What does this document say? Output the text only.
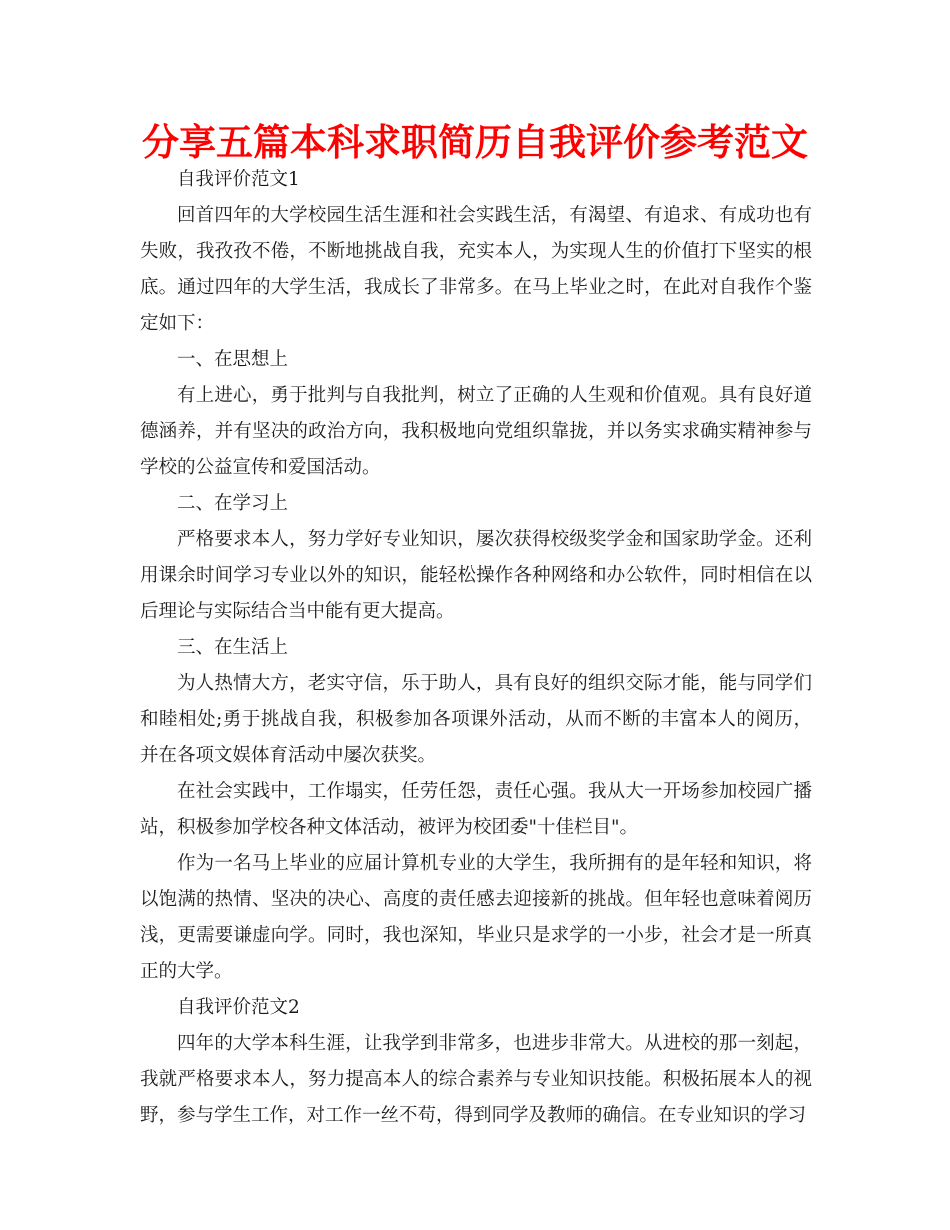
分享五篇本科求职简历自我评价参考范文

自我评价范文1

回首四年的大学校园生活生涯和社会实践生活，有渴望、有追求、有成功也有失败，我孜孜不倦，不断地挑战自我，充实本人，为实现人生的价值打下坚实的根底。通过四年的大学生活，我成长了非常多。在马上毕业之时，在此对自我作个鉴定如下：

一、在思想上

有上进心，勇于批判与自我批判，树立了正确的人生观和价值观。具有良好道德涵养，并有坚决的政治方向，我积极地向党组织靠拢，并以务实求确实精神参与学校的公益宣传和爱国活动。

二、在学习上

严格要求本人，努力学好专业知识，屡次获得校级奖学金和国家助学金。还利用课余时间学习专业以外的知识，能轻松操作各种网络和办公软件，同时相信在以后理论与实际结合当中能有更大提高。

三、在生活上

为人热情大方，老实守信，乐于助人，具有良好的组织交际才能，能与同学们和睦相处;勇于挑战自我，积极参加各项课外活动，从而不断的丰富本人的阅历，并在各项文娱体育活动中屡次获奖。

在社会实践中，工作塌实，任劳任怨，责任心强。我从大一开场参加校园广播站，积极参加学校各种文体活动，被评为校团委"十佳栏目"。

作为一名马上毕业的应届计算机专业的大学生，我所拥有的是年轻和知识，将以饱满的热情、坚决的决心、高度的责任感去迎接新的挑战。但年轻也意味着阅历浅，更需要谦虚向学。同时，我也深知，毕业只是求学的一小步，社会才是一所真正的大学。

自我评价范文2

四年的大学本科生涯，让我学到非常多，也进步非常大。从进校的那一刻起，我就严格要求本人，努力提高本人的综合素养与专业知识技能。积极拓展本人的视野，参与学生工作，对工作一丝不苟，得到同学及教师的确信。在专业知识的学习
